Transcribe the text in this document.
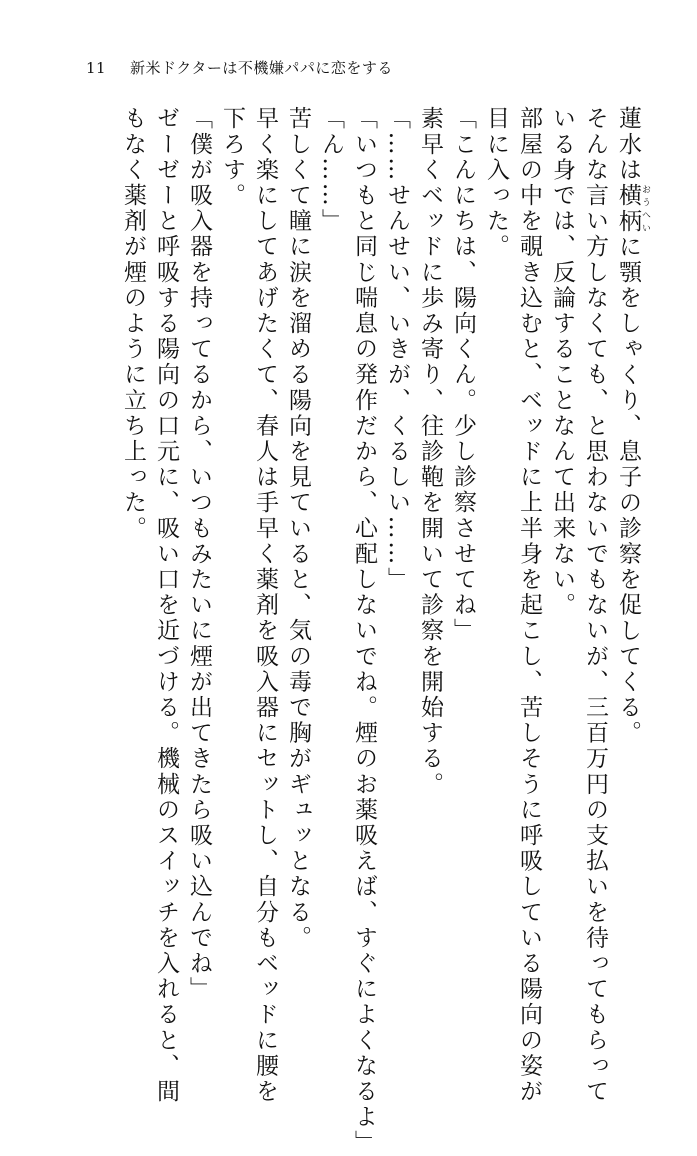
11 新米ドクターは不機嫌パパに恋をする
蓮水は横柄 おうへいに顎をしゃくり、息子の診察を促してくる。
そんな言い方しなくても、と思わないでもないが、三百万円の支払いを待ってもらって
いる身では、反論することなんて出来ない。
部屋の中を覗き込むと、ベッドに上半身を起こし、苦しそうに呼吸している陽向の姿が
目に入った。
「こんにちは、陽向くん。少し診察させてね」
素早くベッドに歩み寄り、往診鞄を開いて診察を開始する。
「……せんせい、いきが、くるしい……」
「いつもと同じ喘息の発作だから、心配しないでね。煙のお薬吸えば、すぐによくなるよ」
「ん……」
苦しくて瞳に涙を溜める陽向を見ていると、気の毒で胸がギュッとなる。
早く楽にしてあげたくて、春人は手早く薬剤を吸入器にセットし、自分もベッドに腰を
下ろす。
「僕が吸入器を持ってるから、いつもみたいに煙が出てきたら吸い込んでね」
ゼーゼーと呼吸する陽向の口元に、吸い口を近づける。機械のスイッチを入れると、間
もなく薬剤が煙のように立ち上った。
